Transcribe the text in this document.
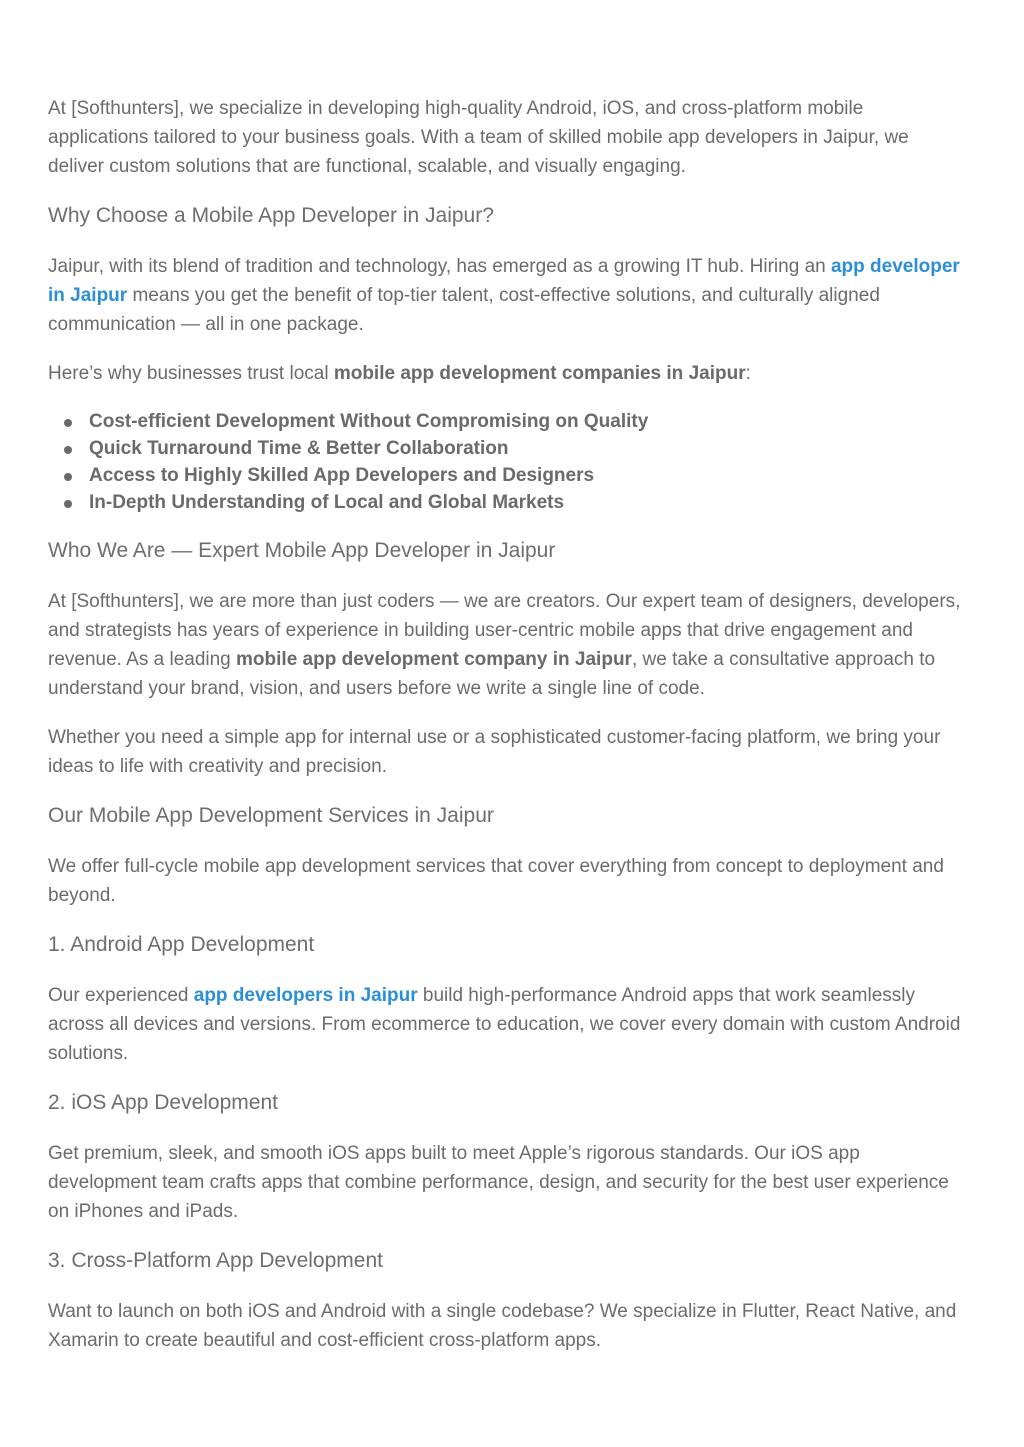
At [Softhunters], we specialize in developing high-quality Android, iOS, and cross-platform mobile applications tailored to your business goals. With a team of skilled mobile app developers in Jaipur, we deliver custom solutions that are functional, scalable, and visually engaging.

Why Choose a Mobile App Developer in Jaipur?

Jaipur, with its blend of tradition and technology, has emerged as a growing IT hub. Hiring an app developer in Jaipur means you get the benefit of top-tier talent, cost-effective solutions, and culturally aligned communication — all in one package.

Here’s why businesses trust local mobile app development companies in Jaipur:

Cost-efficient Development Without Compromising on Quality
Quick Turnaround Time & Better Collaboration
Access to Highly Skilled App Developers and Designers
In-Depth Understanding of Local and Global Markets
Who We Are — Expert Mobile App Developer in Jaipur

At [Softhunters], we are more than just coders — we are creators. Our expert team of designers, developers, and strategists has years of experience in building user-centric mobile apps that drive engagement and revenue. As a leading mobile app development company in Jaipur, we take a consultative approach to understand your brand, vision, and users before we write a single line of code.

Whether you need a simple app for internal use or a sophisticated customer-facing platform, we bring your ideas to life with creativity and precision.

Our Mobile App Development Services in Jaipur

We offer full-cycle mobile app development services that cover everything from concept to deployment and beyond.

1. Android App Development

Our experienced app developers in Jaipur build high-performance Android apps that work seamlessly across all devices and versions. From ecommerce to education, we cover every domain with custom Android solutions.

2. iOS App Development

Get premium, sleek, and smooth iOS apps built to meet Apple’s rigorous standards. Our iOS app development team crafts apps that combine performance, design, and security for the best user experience on iPhones and iPads.

3. Cross-Platform App Development

Want to launch on both iOS and Android with a single codebase? We specialize in Flutter, React Native, and Xamarin to create beautiful and cost-efficient cross-platform apps.
